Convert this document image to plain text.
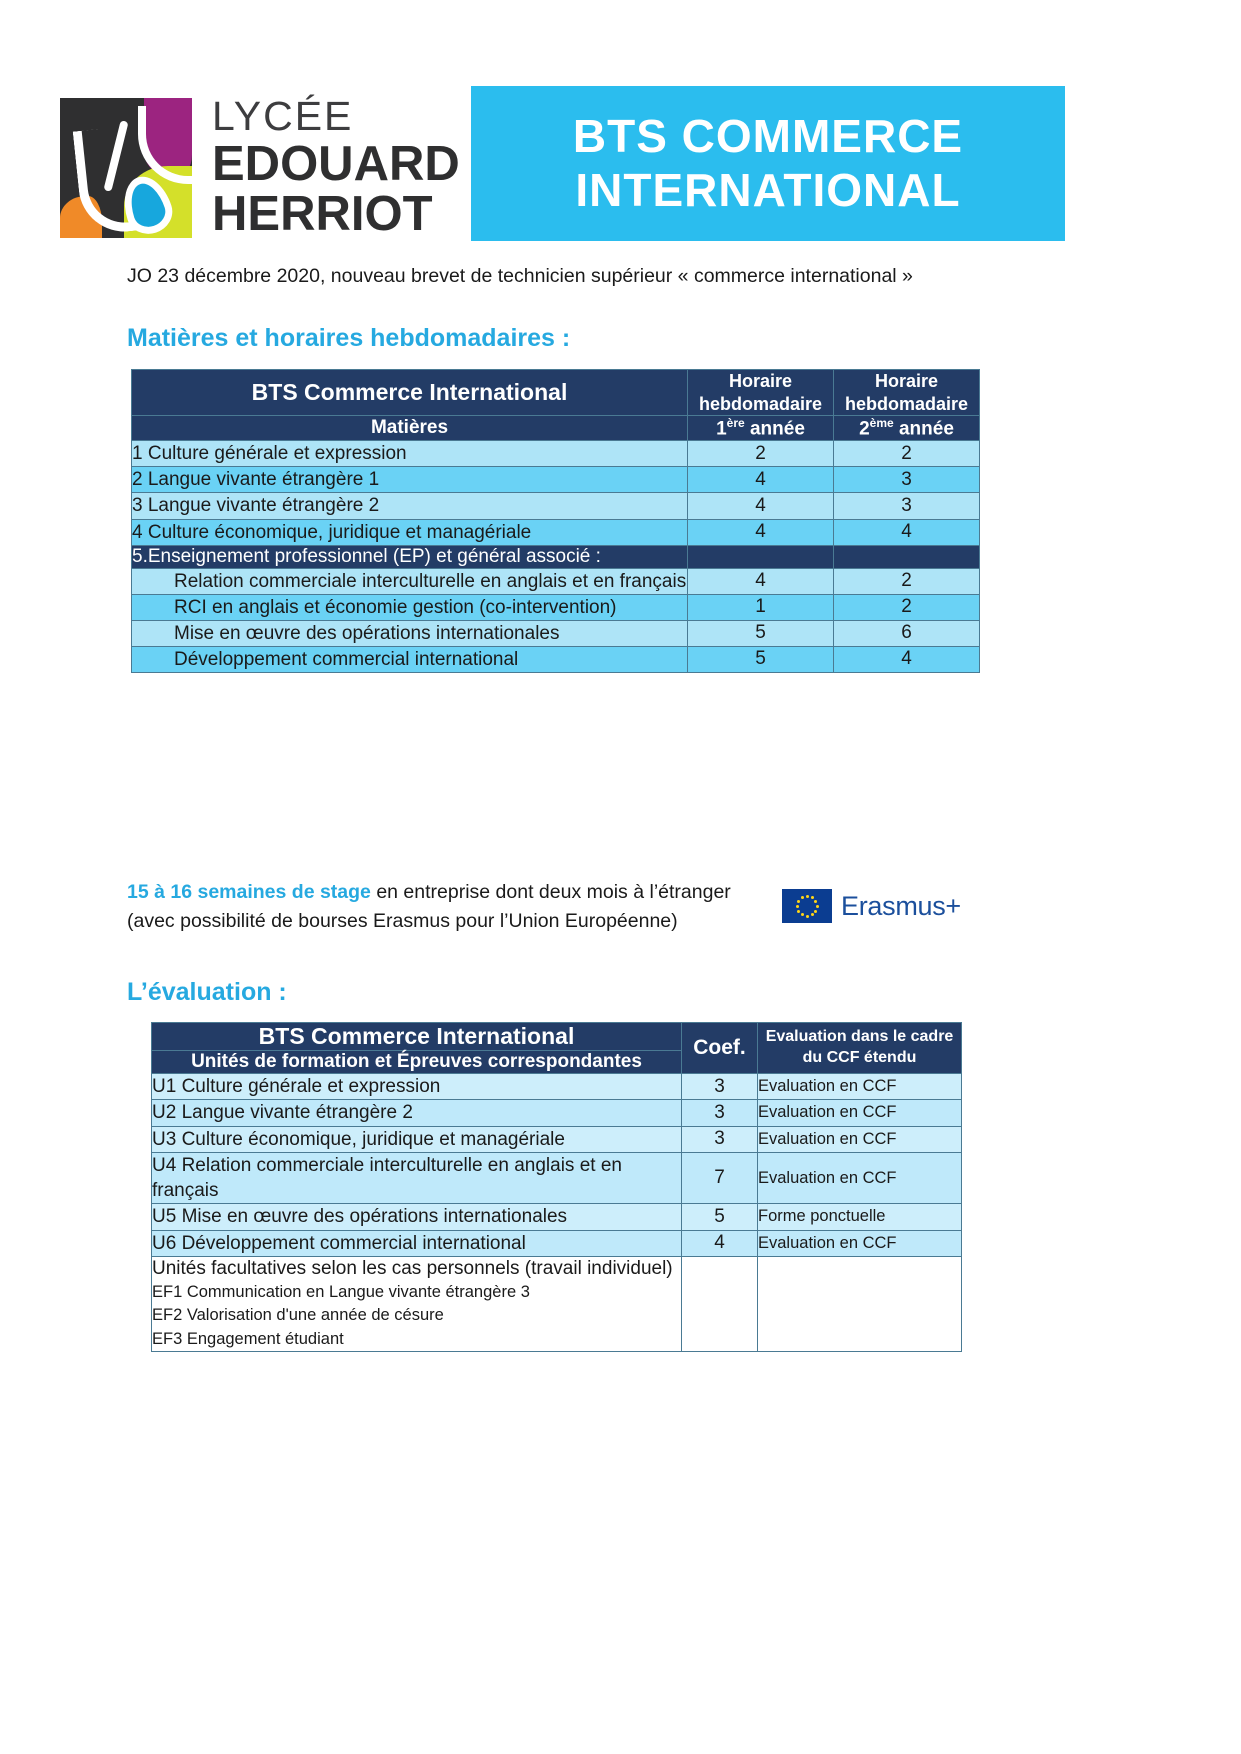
LYCÉE
EDOUARD
HERRIOT
BTS COMMERCE
INTERNATIONAL
JO 23 décembre 2020, nouveau brevet de technicien supérieur « commerce international »
Matières et horaires hebdomadaires :
BTS Commerce International	Horaire hebdomadaire	Horaire hebdomadaire
Matières	1ère année	2ème année
1 Culture générale et expression	2	2
2 Langue vivante étrangère 1	4	3
3 Langue vivante étrangère 2	4	3
4 Culture économique, juridique et managériale	4	4
5.Enseignement professionnel (EP) et général associé :		
Relation commerciale interculturelle en anglais et en français	4	2
RCI en anglais et économie gestion (co-intervention)	1	2
Mise en œuvre des opérations internationales	5	6
Développement commercial international	5	4
15 à 16 semaines de stage en entreprise dont deux mois à l’étranger
(avec possibilité de bourses Erasmus pour l’Union Européenne)
Erasmus+
L’évaluation :
BTS Commerce International	Coef.	Evaluation dans le cadre du CCF étendu
Unités de formation et Épreuves correspondantes		
U1 Culture générale et expression	3	Evaluation en CCF
U2 Langue vivante étrangère 2	3	Evaluation en CCF
U3 Culture économique, juridique et managériale	3	Evaluation en CCF
U4 Relation commerciale interculturelle en anglais et en français	7	Evaluation en CCF
U5 Mise en œuvre des opérations internationales	5	Forme ponctuelle
U6 Développement commercial international	4	Evaluation en CCF

Unités facultatives selon les cas personnels (travail individuel)
EF1 Communication en Langue vivante étrangère 3
EF2 Valorisation d'une année de césure
EF3 Engagement étudiant		
